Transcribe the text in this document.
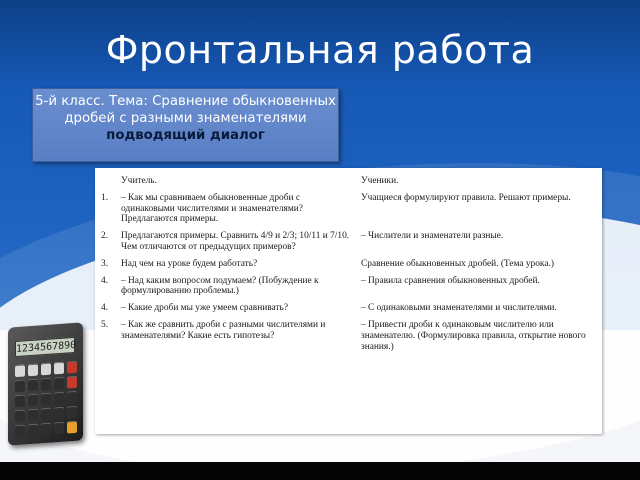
Фронтальная работа
5-й класс. Тема: Сравнение обыкновенных дробей с разными знаменателями
подводящий диалог
	Учитель.	Ученики.
1.	– Как мы сравниваем обыкновенные дроби с одинаковыми числителями и знаменателями? Предлагаются примеры.	Учащиеся формулируют правила. Решают примеры.
2.	Предлагаются примеры. Сравнить 4/9 и 2/3; 10/11 и 7/10. Чем отличаются от предыдущих примеров?	– Числители и знаменатели разные.
3.	Над чем на уроке будем работать?	Сравнение обыкновенных дробей. (Тема урока.)
4.	– Над каким вопросом подумаем? (Побуждение к формулированию проблемы.)	– Правила сравнения обыкновенных дробей.
4.	– Какие дроби мы уже умеем сравнивать?	– С одинаковыми знаменателями и числителями.
5.	– Как же сравнить дроби с разными числителями и знаменателями? Какие есть гипотезы?	– Привести дроби к одинаковым числителю или знаменателю. (Формулировка правила, открытие нового знания.)
1234567890
